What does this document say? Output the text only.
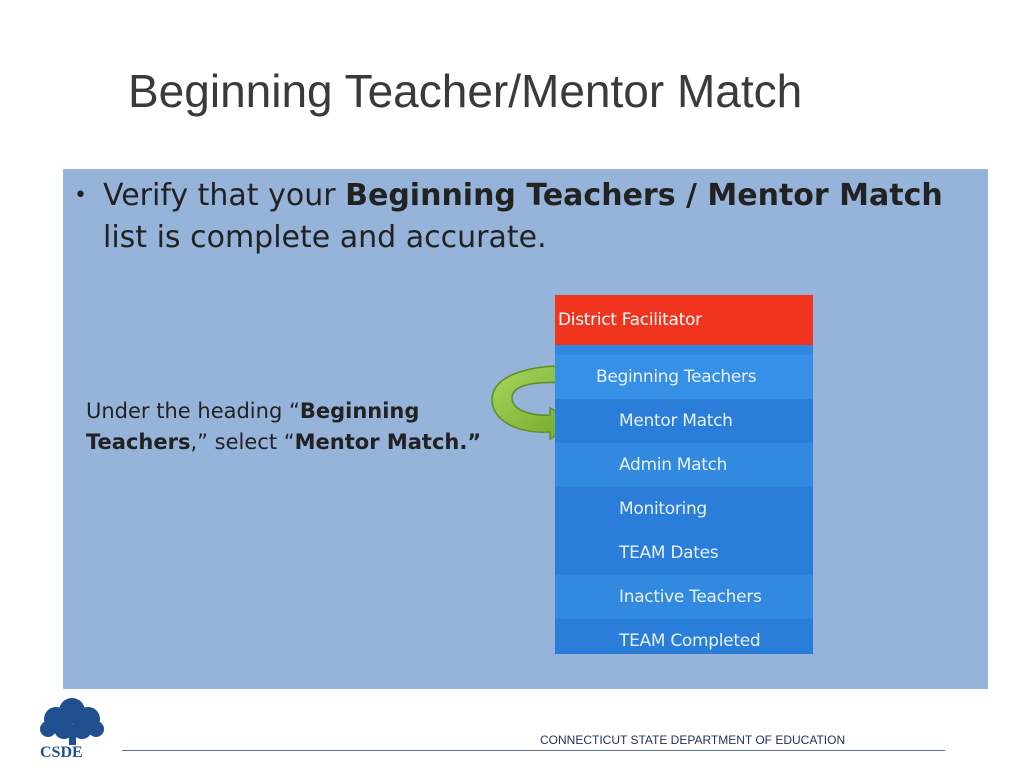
Beginning Teacher/Mentor Match
• Verify that your Beginning Teachers / Mentor Match list is complete and accurate.
Under the heading “Beginning Teachers,” select “Mentor Match.”
District Facilitator
Beginning Teachers
Mentor Match
Admin Match
Monitoring
TEAM Dates
Inactive Teachers
TEAM Completed
CSDE
CONNECTICUT STATE DEPARTMENT OF EDUCATION
